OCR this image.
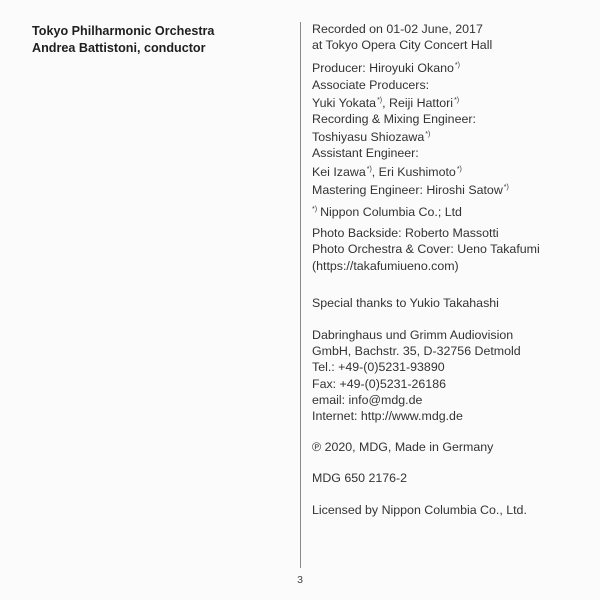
Tokyo Philharmonic Orchestra
Andrea Battistoni, conductor
Recorded on 01-02 June, 2017
at Tokyo Opera City Concert Hall
Producer: Hiroyuki Okano*)
Associate Producers:
Yuki Yokata*), Reiji Hattori*)
Recording & Mixing Engineer:
Toshiyasu Shiozawa*)
Assistant Engineer:
Kei Izawa*), Eri Kushimoto*)
Mastering Engineer: Hiroshi Satow*)
*) Nippon Columbia Co.; Ltd
Photo Backside: Roberto Massotti
Photo Orchestra & Cover: Ueno Takafumi
(https://takafumiueno.com)
Special thanks to Yukio Takahashi
Dabringhaus und Grimm Audiovision
GmbH, Bachstr. 35, D-32756 Detmold
Tel.: +49-(0)5231-93890
Fax: +49-(0)5231-26186
email: info@mdg.de
Internet: http://www.mdg.de
℗ 2020, MDG, Made in Germany
MDG 650 2176-2
Licensed by Nippon Columbia Co., Ltd.
3
